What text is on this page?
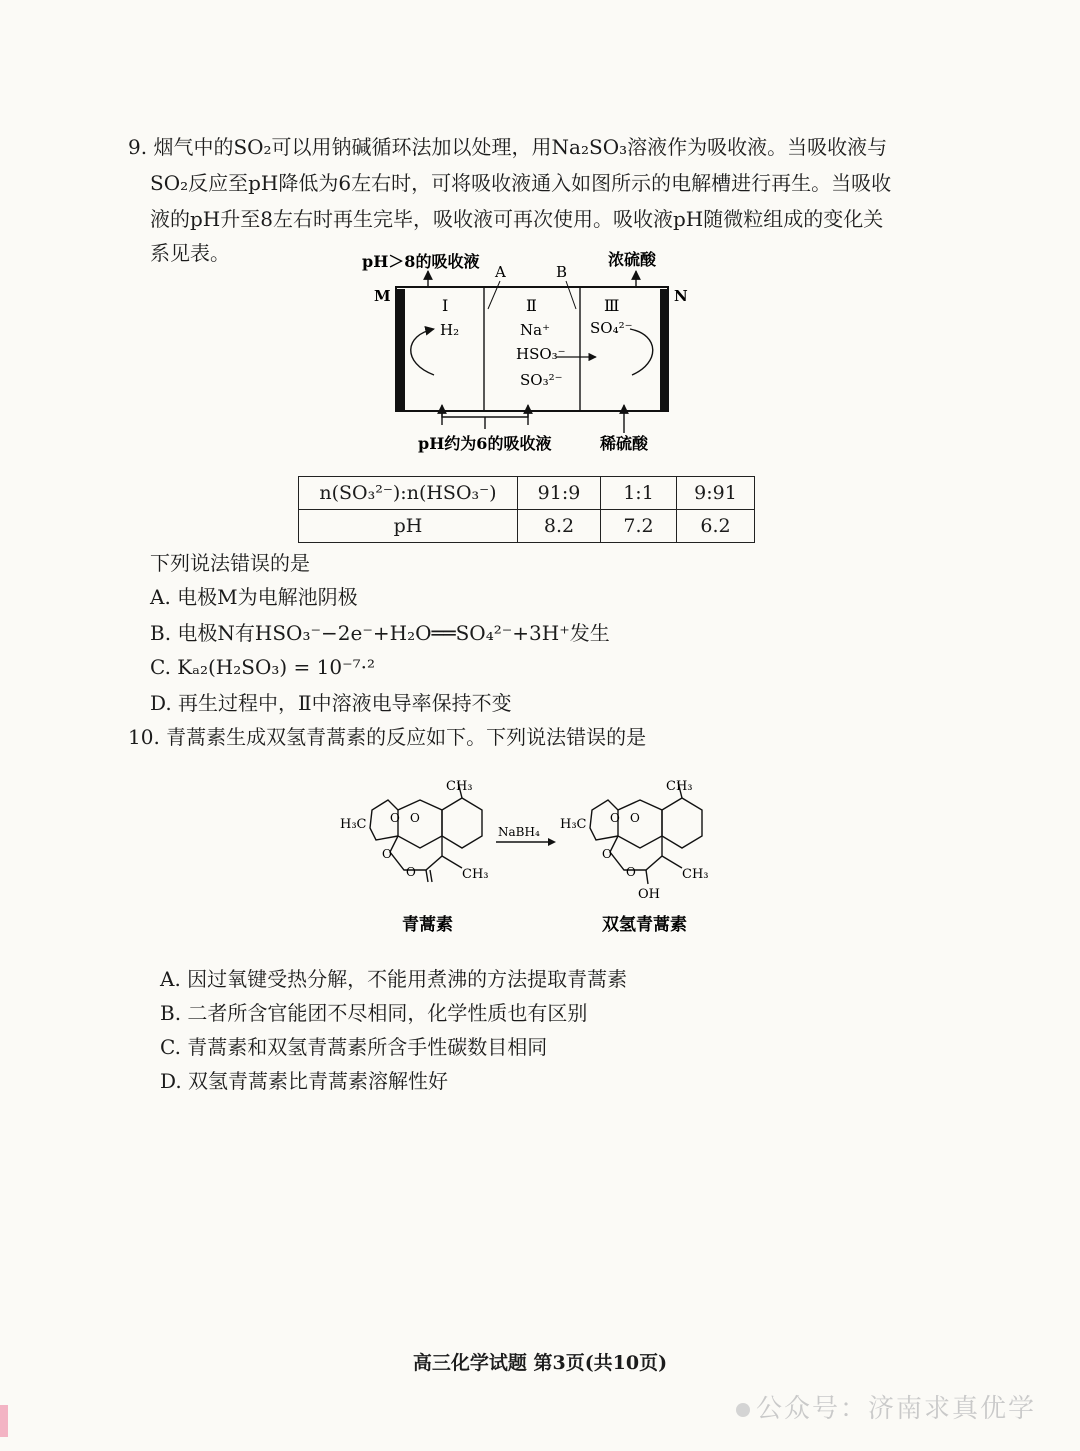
9. 烟气中的SO₂可以用钠碱循环法加以处理，用Na₂SO₃溶液作为吸收液。当吸收液与
SO₂反应至pH降低为6左右时，可将吸收液通入如图所示的电解槽进行再生。当吸收
液的pH升至8左右时再生完毕，吸收液可再次使用。吸收液pH随微粒组成的变化关
系见表。	pH＞8的吸收液	浓硫酸
A	B
M	N
Ⅰ	Ⅱ	Ⅲ
H₂	Na⁺
HSO₃⁻
SO₃²⁻
SO₄²⁻
pH约为6的吸收液	稀硫酸
n(SO₃²⁻):n(HSO₃⁻)	91:9	1:1	9:91
pH	8.2	7.2	6.2
下列说法错误的是
A. 电极M为电解池阴极
B. 电极N有HSO₃⁻−2e⁻+H₂O══SO₄²⁻+3H⁺发生
C. Kₐ₂(H₂SO₃) = 10⁻⁷·²
D. 再生过程中，Ⅱ中溶液电导率保持不变
10. 青蒿素生成双氢青蒿素的反应如下。下列说法错误的是
CH₃
H₃C
CH₃
O O
O
O
青蒿素
NaBH₄
CH₃
H₃C
CH₃
OH
O O
O
O
双氢青蒿素
A. 因过氧键受热分解，不能用煮沸的方法提取青蒿素
B. 二者所含官能团不尽相同，化学性质也有区别
C. 青蒿素和双氢青蒿素所含手性碳数目相同
D. 双氢青蒿素比青蒿素溶解性好
高三化学试题 第3页(共10页)
公众号：济南求真优学
